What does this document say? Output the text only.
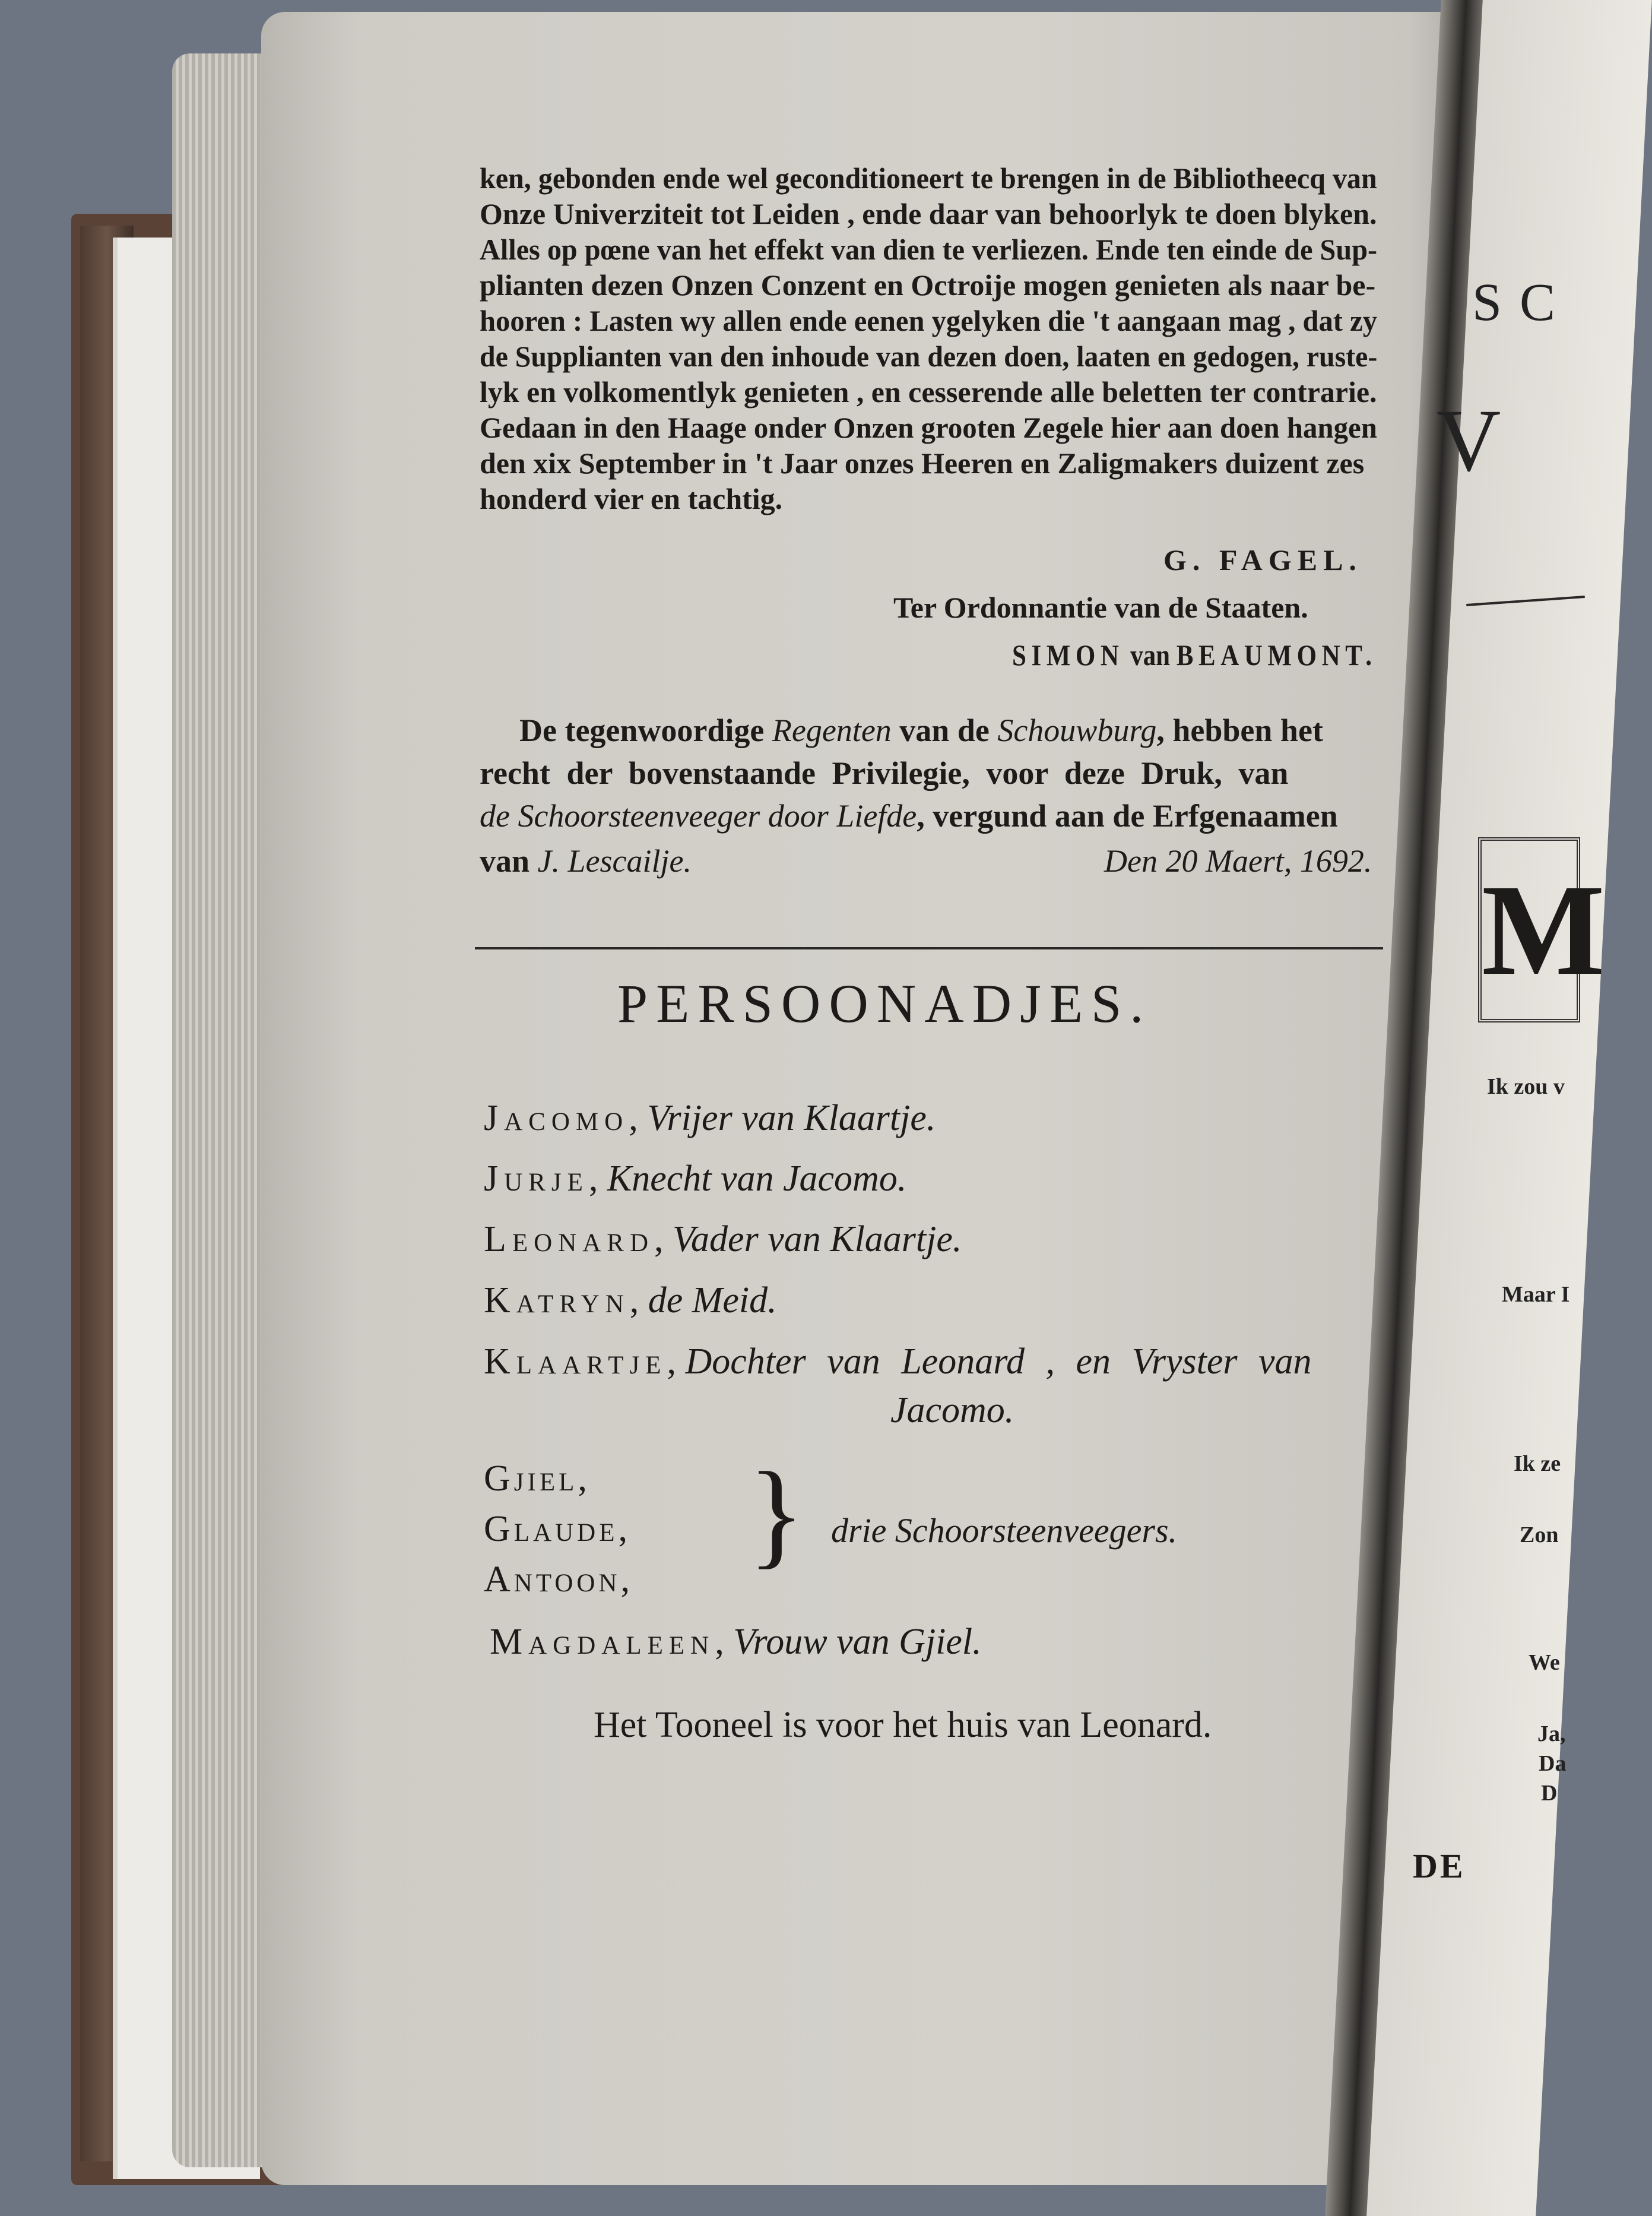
ken, gebonden ende wel geconditioneert te brengen in de Bibliotheecq van
Onze Univerziteit tot Leiden , ende daar van behoorlyk te doen blyken.
Alles op pœne van het effekt van dien te verliezen. Ende ten einde de Sup-
plianten dezen Onzen Conzent en Octroije mogen genieten als naar be-
hooren : Lasten wy allen ende eenen ygelyken die 't aangaan mag , dat zy
de Supplianten van den inhoude van dezen doen, laaten en gedogen, ruste-
lyk en volkomentlyk genieten , en cesserende alle beletten ter contrarie.
Gedaan in den Haage onder Onzen grooten Zegele hier aan doen hangen
den xix September in 't Jaar onzes Heeren en Zaligmakers duizent zes
honderd vier en tachtig.
G. FAGEL.
Ter Ordonnantie van de Staaten.
SIMON van BEAUMONT.
De tegenwoordige Regenten van de Schouwburg, hebben het
recht der bovenstaande Privilegie, voor deze Druk, van
de Schoorsteenveeger door Liefde, vergund aan de Erfgenaamen
van J. Lescailje.	Den 20 Maert, 1692.
PERSOONADJES.
Jacomo, Vrijer van Klaartje.
Jurje, Knecht van Jacomo.
Leonard, Vader van Klaartje.
Katryn, de Meid.
Klaartje, Dochter van Leonard , en Vryster van
Jacomo.
Gjiel,
Glaude,
Antoon, } drie Schoorsteenveegers.
Magdaleen, Vrouw van Gjiel.
Het Tooneel is voor het huis van Leonard.
DE
SC
V
M
Ik zou v
Maar I
Ik ze
Zon
We
Ja,
Da
D
